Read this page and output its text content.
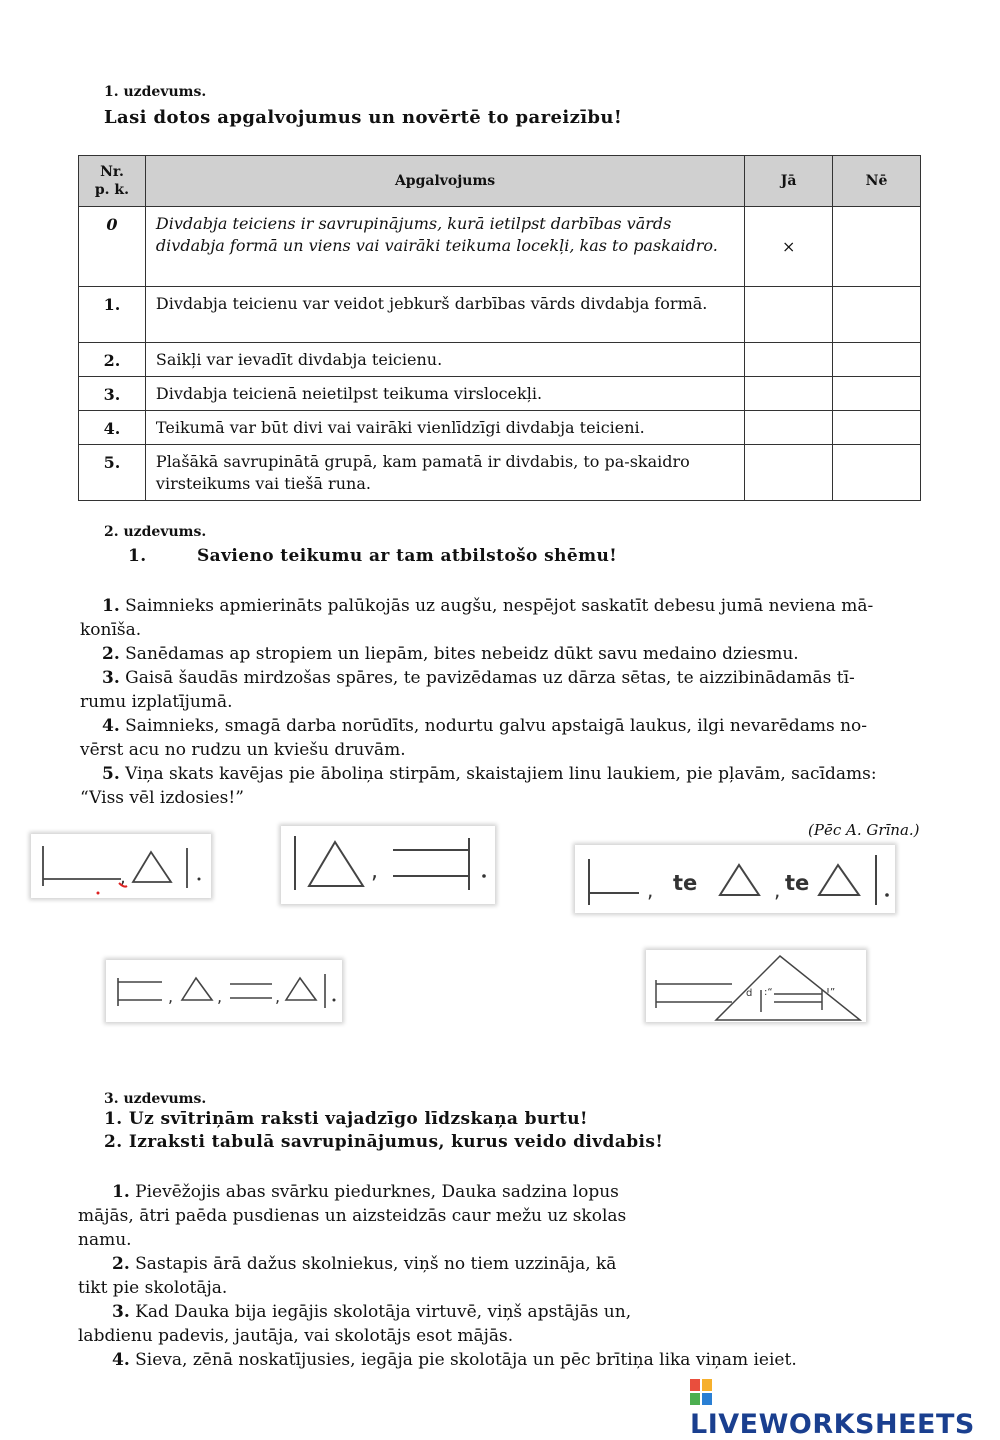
1. uzdevums.
Lasi dotos apgalvojumus un novērtē to pareizību!
Nr.
p. k.	Apgalvojums	Jā	Nē
0	Divdabja teiciens ir savrupinājums, kurā ietilpst darbības vārds divdabja formā un viens vai vairāki teikuma locekļi, kas to paskaidro.	×	
1.	Divdabja teicienu var veidot jebkurš darbības vārds divdabja formā.		
2.	Saikļi var ievadīt divdabja teicienu.		
3.	Divdabja teicienā neietilpst teikuma virslocekļi.		
4.	Teikumā var būt divi vai vairāki vienlīdzīgi divdabja teicieni.		
5.	Plašākā savrupinātā grupā, kam pamatā ir divdabis, to pa-skaidro virsteikums vai tiešā runa.		
2. uzdevums.
1.	Savieno teikumu ar tam atbilstošo shēmu!
1. Saimnieks apmierināts palūkojās uz augšu, nespējot saskatīt debesu jumā neviena mā-
konīša.
2. Sanēdamas ap stropiem un liepām, bites nebeidz dūkt savu medaino dziesmu.
3. Gaisā šaudās mirdzošas spāres, te pavizēdamas uz dārza sētas, te aizzibinādamās tī-
rumu izplatījumā.
4. Saimnieks, smagā darba norūdīts, nodurtu galvu apstaigā laukus, ilgi nevarēdams no-
vērst acu no rudzu un kviešu druvām.
5. Viņa skats kavējas pie āboliņa stirpām, skaistajiem linu laukiem, pie pļavām, sacīdams:
“Viss vēl izdosies!”
(Pēc A. Grīna.)
,	,
,	,
te	te
,	,	,	d :“	!”
3. uzdevums.
1. Uz svītriņām raksti vajadzīgo līdzskaņa burtu!
2. Izraksti tabulā savrupinājumus, kurus veido divdabis!
1. Pievēžojis abas svārku piedurknes, Dauka sadzina lopus
mājās, ātri paēda pusdienas un aizsteidzās caur mežu uz skolas
namu.
2. Sastapis ārā dažus skolniekus, viņš no tiem uzzināja, kā
tikt pie skolotāja.
3. Kad Dauka bija iegājis skolotāja virtuvē, viņš apstājās un,
labdienu padevis, jautāja, vai skolotājs esot mājās.
4. Sieva, zēnā noskatījusies, iegāja pie skolotāja un pēc brītiņa lika viņam ieiet.
LIVEWORKSHEETS
